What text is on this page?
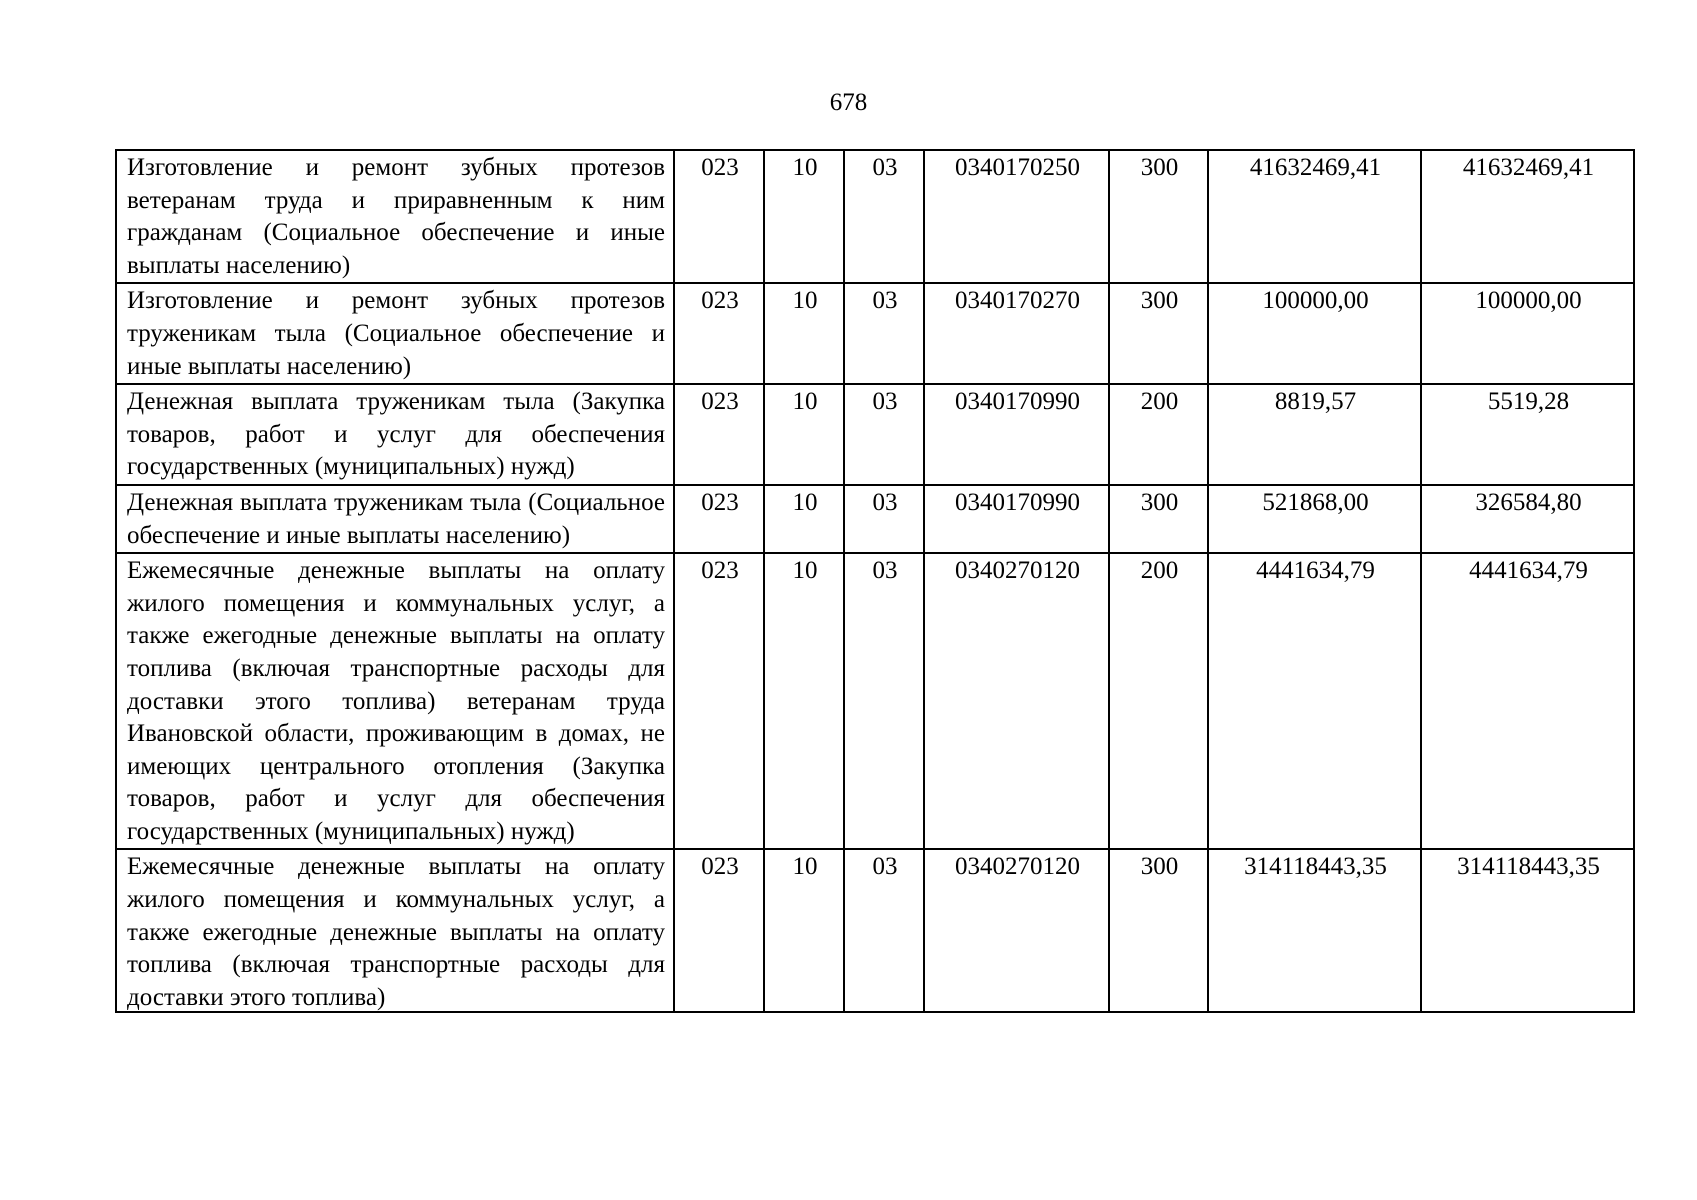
678
Изготовление и ремонт зубных протезов ветеранам труда и приравненным к ним гражданам (Социальное обеспечение и иные выплаты населению)	023	10	03	0340170250	300	41632469,41	41632469,41
Изготовление и ремонт зубных протезов труженикам тыла (Социальное обеспечение и иные выплаты населению)	023	10	03	0340170270	300	100000,00	100000,00
Денежная выплата труженикам тыла (Закупка товаров, работ и услуг для обеспечения государственных (муниципальных) нужд)	023	10	03	0340170990	200	8819,57	5519,28
Денежная выплата труженикам тыла (Социальное обеспечение и иные выплаты населению)	023	10	03	0340170990	300	521868,00	326584,80
Ежемесячные денежные выплаты на оплату жилого помещения и коммунальных услуг, а также ежегодные денежные выплаты на оплату топлива (включая транспортные расходы для доставки этого топлива) ветеранам труда Ивановской области, проживающим в домах, не имеющих центрального отопления (Закупка товаров, работ и услуг для обеспечения государственных (муниципальных) нужд)	023	10	03	0340270120	200	4441634,79	4441634,79

Ежемесячные денежные выплаты на оплату жилого помещения и коммунальных услуг, а также ежегодные денежные выплаты на оплату топлива (включая транспортные расходы для доставки этого топлива)	023	10	03	0340270120	300	314118443,35	314118443,35
